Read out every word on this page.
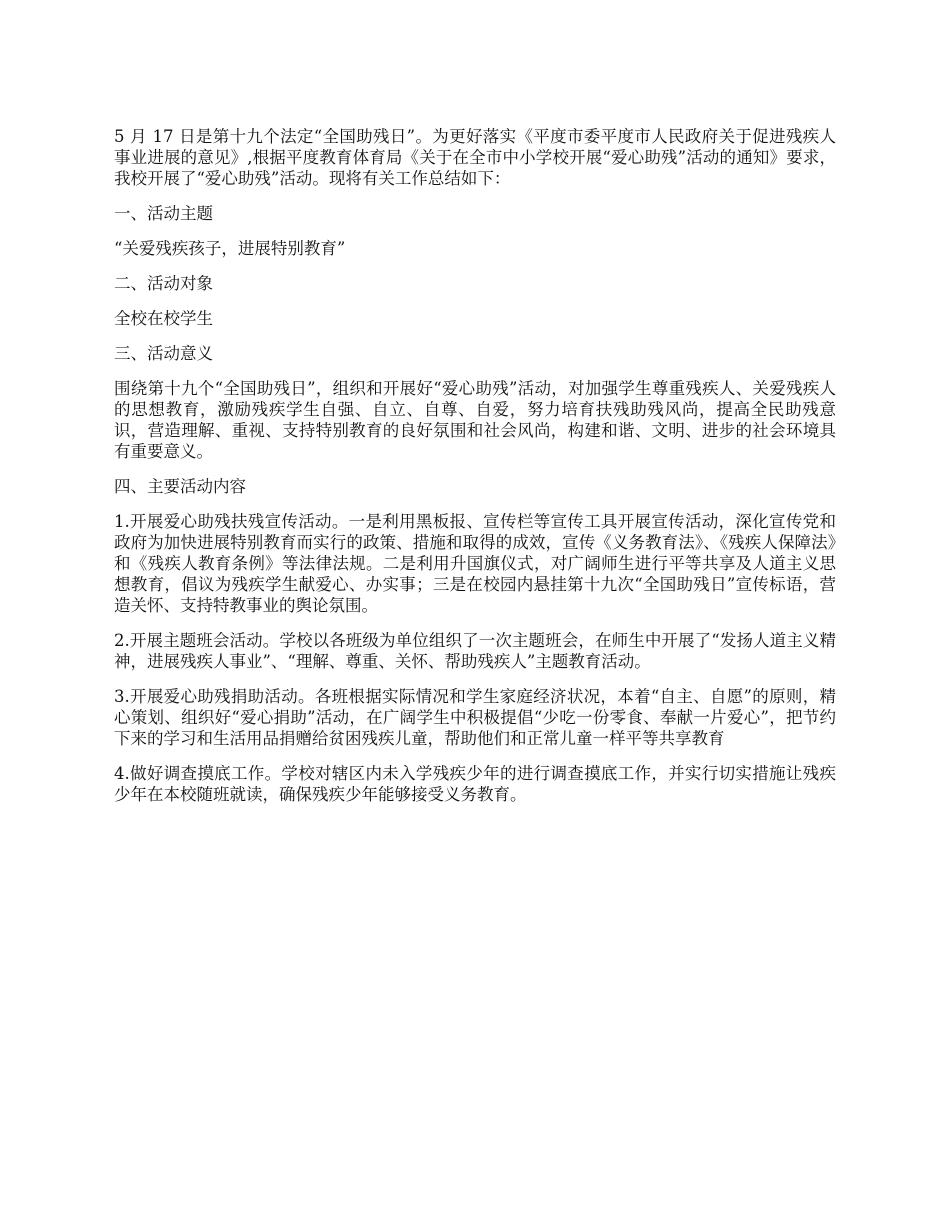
5 月 17 日是第十九个法定“全国助残日”。为更好落实《平度市委平度市人民政府关于促进残疾人事业进展的意见》,根据平度教育体育局《关于在全市中小学校开展“爱心助残”活动的通知》要求，我校开展了“爱心助残”活动。现将有关工作总结如下：

一、活动主题

“关爱残疾孩子，进展特别教育”

二、活动对象

全校在校学生

三、活动意义

围绕第十九个“全国助残日”，组织和开展好“爱心助残”活动，对加强学生尊重残疾人、关爱残疾人的思想教育，激励残疾学生自强、自立、自尊、自爱，努力培育扶残助残风尚，提高全民助残意识，营造理解、重视、支持特别教育的良好氛围和社会风尚，构建和谐、文明、进步的社会环境具有重要意义。

四、主要活动内容

1.开展爱心助残扶残宣传活动。一是利用黑板报、宣传栏等宣传工具开展宣传活动，深化宣传党和政府为加快进展特别教育而实行的政策、措施和取得的成效，宣传《义务教育法》、《残疾人保障法》和《残疾人教育条例》等法律法规。二是利用升国旗仪式，对广阔师生进行平等共享及人道主义思想教育，倡议为残疾学生献爱心、办实事；三是在校园内悬挂第十九次“全国助残日”宣传标语，营造关怀、支持特教事业的舆论氛围。

2.开展主题班会活动。学校以各班级为单位组织了一次主题班会，在师生中开展了“发扬人道主义精神，进展残疾人事业”、“理解、尊重、关怀、帮助残疾人”主题教育活动。

3.开展爱心助残捐助活动。各班根据实际情况和学生家庭经济状况，本着“自主、自愿”的原则，精心策划、组织好“爱心捐助”活动，在广阔学生中积极提倡“少吃一份零食、奉献一片爱心”，把节约下来的学习和生活用品捐赠给贫困残疾儿童，帮助他们和正常儿童一样平等共享教育

4.做好调查摸底工作。学校对辖区内未入学残疾少年的进行调查摸底工作，并实行切实措施让残疾少年在本校随班就读，确保残疾少年能够接受义务教育。
